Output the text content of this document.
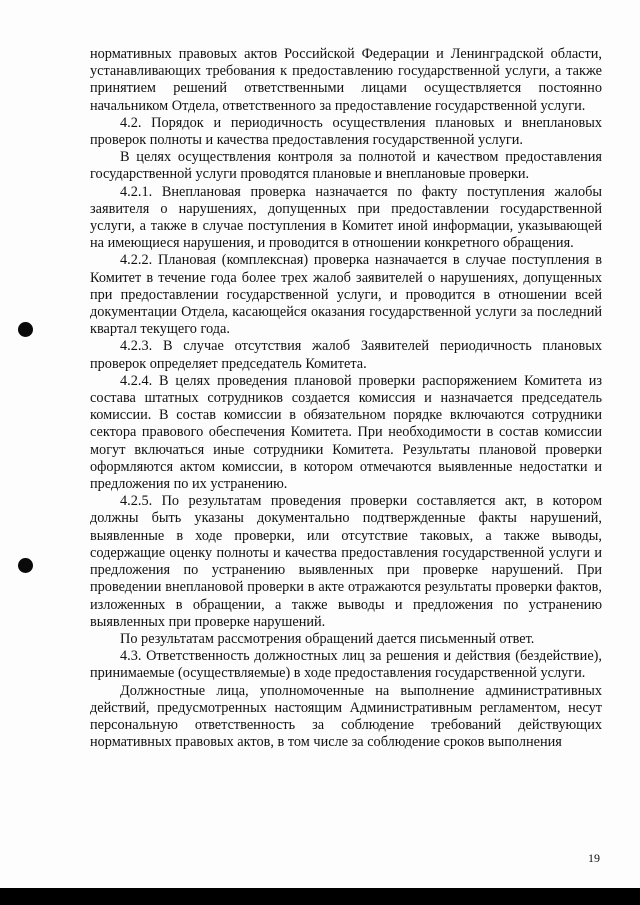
нормативных правовых актов Российской Федерации и Ленинградской области, устанавливающих требования к предоставлению государственной услуги, а также принятием решений ответственными лицами осуществляется постоянно начальником Отдела, ответственного за предоставление государственной услуги.

4.2. Порядок и периодичность осуществления плановых и внеплановых проверок полноты и качества предоставления государственной услуги.

В целях осуществления контроля за полнотой и качеством предоставления государственной услуги проводятся плановые и внеплановые проверки.

4.2.1. Внеплановая проверка назначается по факту поступления жалобы заявителя о нарушениях, допущенных при предоставлении государственной услуги, а также в случае поступления в Комитет иной информации, указывающей на имеющиеся нарушения, и проводится в отношении конкретного обращения.

4.2.2. Плановая (комплексная) проверка назначается в случае поступления в Комитет в течение года более трех жалоб заявителей о нарушениях, допущенных при предоставлении государственной услуги, и проводится в отношении всей документации Отдела, касающейся оказания государственной услуги за последний квартал текущего года.

4.2.3. В случае отсутствия жалоб Заявителей периодичность плановых проверок определяет председатель Комитета.

4.2.4. В целях проведения плановой проверки распоряжением Комитета из состава штатных сотрудников создается комиссия и назначается председатель комиссии. В состав комиссии в обязательном порядке включаются сотрудники сектора правового обеспечения Комитета. При необходимости в состав комиссии могут включаться иные сотрудники Комитета. Результаты плановой проверки оформляются актом комиссии, в котором отмечаются выявленные недостатки и предложения по их устранению.

4.2.5. По результатам проведения проверки составляется акт, в котором должны быть указаны документально подтвержденные факты нарушений, выявленные в ходе проверки, или отсутствие таковых, а также выводы, содержащие оценку полноты и качества предоставления государственной услуги и предложения по устранению выявленных при проверке нарушений. При проведении внеплановой проверки в акте отражаются результаты проверки фактов, изложенных в обращении, а также выводы и предложения по устранению выявленных при проверке нарушений.

По результатам рассмотрения обращений дается письменный ответ.

4.3. Ответственность должностных лиц за решения и действия (бездействие), принимаемые (осуществляемые) в ходе предоставления государственной услуги.

Должностные лица, уполномоченные на выполнение административных действий, предусмотренных настоящим Административным регламентом, несут персональную ответственность за соблюдение требований действующих нормативных правовых актов, в том числе за соблюдение сроков выполнения

19
